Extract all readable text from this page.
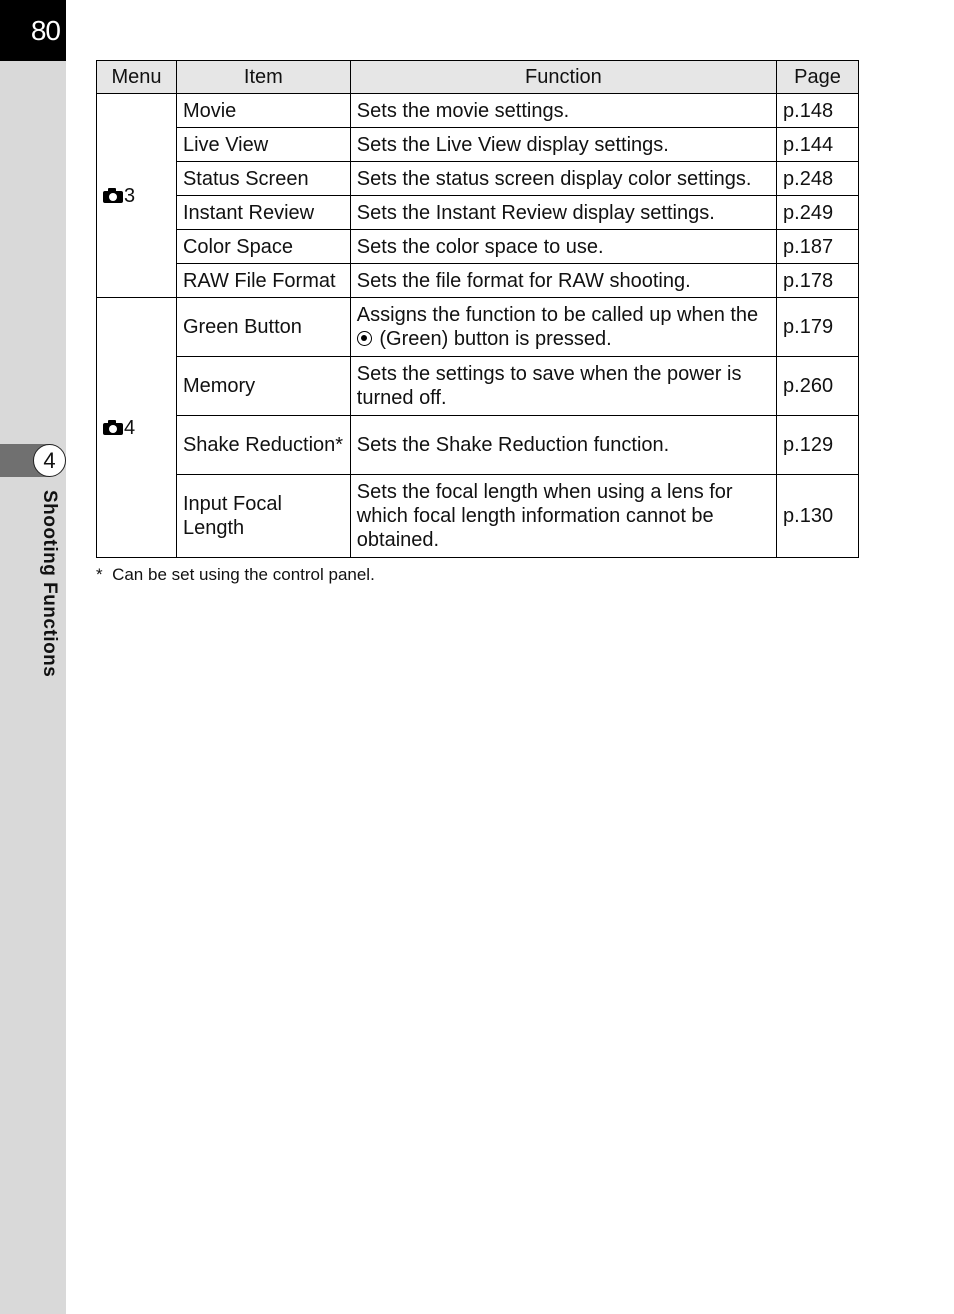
80
4
Shooting Functions
Menu	Item	Function	Page

3	Movie	Sets the movie settings.	p.148
	Live View	Sets the Live View display settings.	p.144
	Status Screen	Sets the status screen display color settings.	p.248
	Instant Review	Sets the Instant Review display settings.	p.249
	Color Space	Sets the color space to use.	p.187
	RAW File Format	Sets the file format for RAW shooting.	p.178

4	Green Button	Assigns the function to be called up when the
(Green) button is pressed.	p.179
	Memory	Sets the settings to save when the power is turned off.	p.260
	Shake Reduction*	Sets the Shake Reduction function.	p.129
	Input Focal Length	Sets the focal length when using a lens for which focal length information cannot be obtained.	p.130
* Can be set using the control panel.
